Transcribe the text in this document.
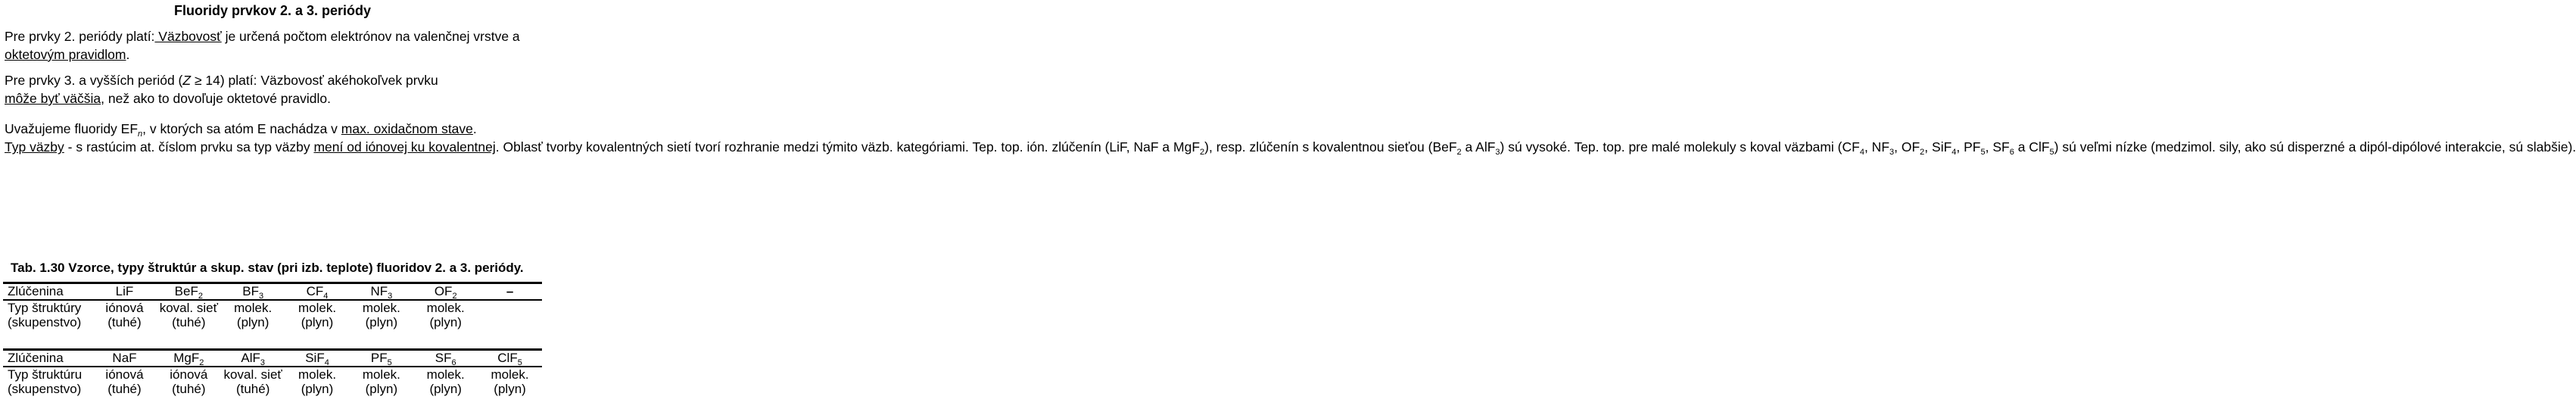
Fluoridy prvkov 2. a 3. periódy
Pre prvky 2. periódy platí: Väzbovosť je určená počtom elektrónov na valenčnej vrstve a
oktetovým pravidlom.
Pre prvky 3. a vyšších periód (Z ≥ 14) platí: Väzbovosť akéhokoľvek prvku
môže byť väčšia, než ako to dovoľuje oktetové pravidlo.
Uvažujeme fluoridy $EF_n$, v ktorých sa atóm E nachádza v max. oxidačnom stave.
Typ väzby - s rastúcim at. číslom prvku sa typ väzby mení od iónovej ku kovalentnej. Oblasť tvorby kovalentných sietí tvorí rozhranie medzi týmito väzb. kategóriami. Tep. top. ión. zlúčenín (LiF, NaF a MgF$_2$), resp. zlúčenín s kovalentnou sieťou (BeF$_2$ a AlF$_3$) sú vysoké. Tep. top. pre malé molekuly s koval väzbami ($CF_4$, $NF_3$, $OF_2$, SiF$_4$, $PF_5$, $SF_6$ a ClF$_5$) sú veľmi nízke (medzimol. sily, ako sú disperzné a dipól-dipólové interakcie, sú slabšie).
Tab. 1.30 Vzorce, typy štruktúr a skup. stav (pri izb. teplote) fluoridov 2. a 3. periódy.
Zlúčenina	LiF	BeF$_2$	$BF_3$	$CF_4$	$NF_3$	$OF_2$	–
Typ štruktúry	iónová	koval. sieť	molek.	molek.	molek.	molek.	
(skupenstvo)	(tuhé)	(tuhé)	(plyn)	(plyn)	(plyn)	(plyn)	
Zlúčenina	NaF	MgF$_2$	AlF$_3$	SiF$_4$	$PF_5$	$SF_6$	ClF$_5$
Typ štruktúru	iónová	iónová	koval. sieť	molek.	molek.	molek.	molek.
(skupenstvo)	(tuhé)	(tuhé)	(tuhé)	(plyn)	(plyn)	(plyn)	(plyn)
